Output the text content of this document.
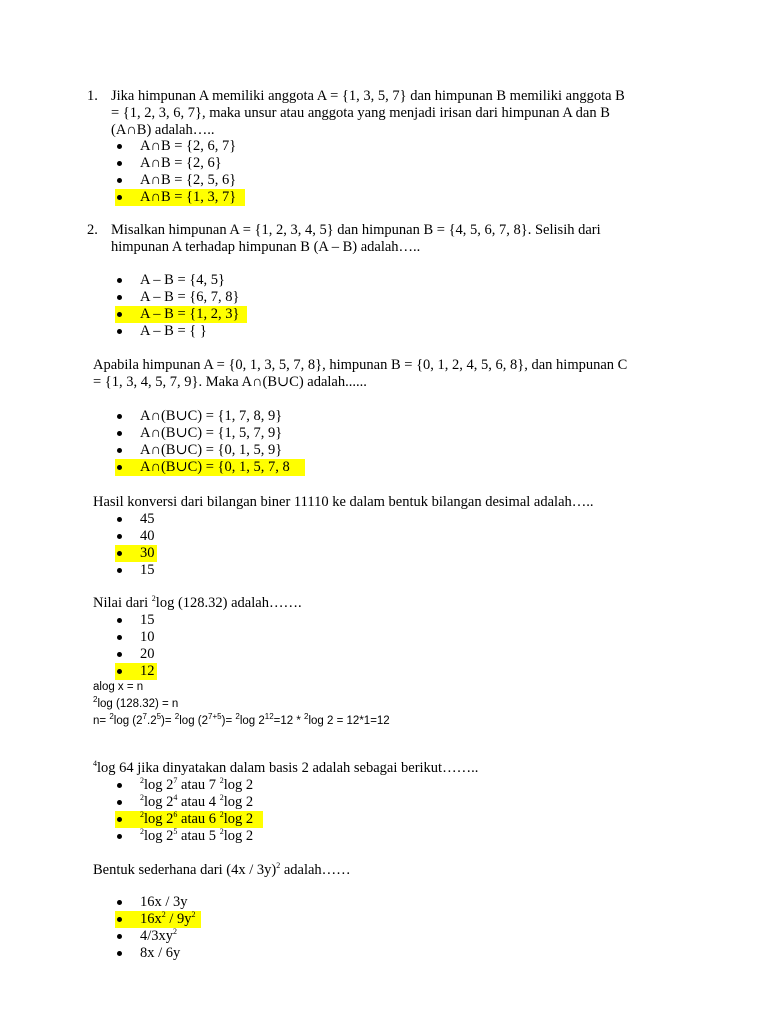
1. Jika himpunan A memiliki anggota A = {1, 3, 5, 7} dan himpunan B memiliki anggota B
= {1, 2, 3, 6, 7}, maka unsur atau anggota yang menjadi irisan dari himpunan A dan B
(A∩B) adalah…..
A∩B = {2, 6, 7}
A∩B = {2, 6}
A∩B = {2, 5, 6}
A∩B = {1, 3, 7}
2. Misalkan himpunan A = {1, 2, 3, 4, 5} dan himpunan B = {4, 5, 6, 7, 8}. Selisih dari
himpunan A terhadap himpunan B (A – B) adalah…..
A – B = {4, 5}
A – B = {6, 7, 8}
A – B = {1, 2, 3}
A – B = { }
Apabila himpunan A = {0, 1, 3, 5, 7, 8}, himpunan B = {0, 1, 2, 4, 5, 6, 8}, dan himpunan C
= {1, 3, 4, 5, 7, 9}. Maka A∩(B∪C) adalah......
A∩(B∪C) = {1, 7, 8, 9}
A∩(B∪C) = {1, 5, 7, 9}
A∩(B∪C) = {0, 1, 5, 9}
A∩(B∪C) = {0, 1, 5, 7, 8
Hasil konversi dari bilangan biner 11110 ke dalam bentuk bilangan desimal adalah…..
45
40
30
15
Nilai dari $^2$log (128.32) adalah…….
15
10
20
12
alog x = n
$^2$log (128.32) = n
n= $^2$log $(2^7.2^5)= ^2\log$ $(2^{7+5})= ^2\log$ $2^{12}=12 * ^2\log$ 2 = 12*1=12
$^4$log 64 jika dinyatakan dalam basis 2 adalah sebagai berikut……..
$^2$log $2^7$ atau 7 $^2$log 2
$^2$log $2^4$ atau 4 $^2$log 2
$^2$log $2^6$ atau 6 $^2$log 2
$^2$log $2^5$ atau 5 $^2$log 2
Bentuk sederhana dari (4x / 3y)$^2$ adalah……
16x / 3y
$16x^2 / 9y^2$
$4/3xy^2$
8x / 6y
